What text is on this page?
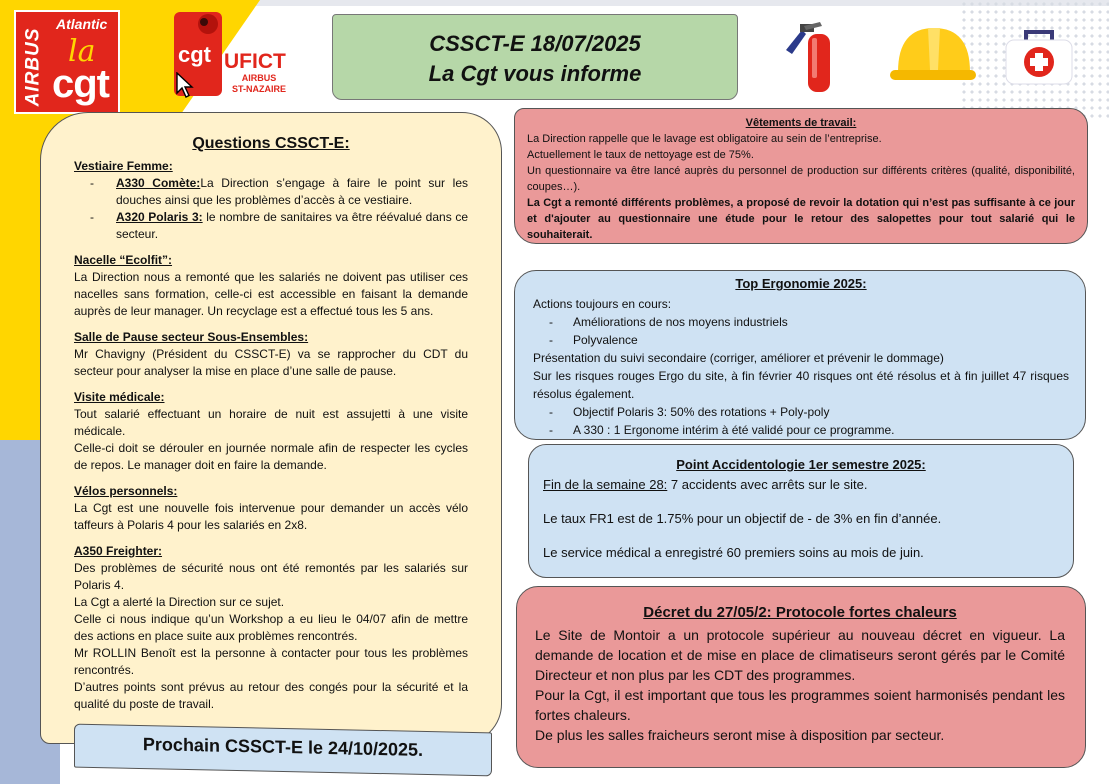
AIRBUS
Atlantic
la
cgt
cgt UFICT
AIRBUS
ST-NAZAIRE
CSSCT-E 18/07/2025
La Cgt vous informe
Questions CSSCT-E:
Vestiaire Femme:
-	A330 Comète:La Direction s’engage à faire le point sur les douches ainsi que les problèmes d’accès à ce vestiaire.
-	A320 Polaris 3: le nombre de sanitaires va être réévalué dans ce secteur.
Nacelle “Ecolfit”:
La Direction nous a remonté que les salariés ne doivent pas utiliser ces nacelles sans formation, celle-ci est accessible en faisant la demande auprès de leur manager. Un recyclage est a effectué tous les 5 ans.
Salle de Pause secteur Sous-Ensembles:
Mr Chavigny (Président du CSSCT-E) va se rapprocher du CDT du secteur pour analyser la mise en place d’une salle de pause.
Visite médicale:
Tout salarié effectuant un horaire de nuit est assujetti à une visite médicale.
Celle-ci doit se dérouler en journée normale afin de respecter les cycles de repos. Le manager doit en faire la demande.
Vélos personnels:
La Cgt est une nouvelle fois intervenue pour demander un accès vélo taffeurs à Polaris 4 pour les salariés en 2x8.
A350 Freighter:
Des problèmes de sécurité nous ont été remontés par les salariés sur Polaris 4.
La Cgt a alerté la Direction sur ce sujet.
Celle ci nous indique qu’un Workshop a eu lieu le 04/07 afin de mettre des actions en place suite aux problèmes rencontrés.
Mr ROLLIN Benoît est la personne à contacter pour tous les problèmes rencontrés.
D’autres points sont prévus au retour des congés pour la sécurité et la qualité du poste de travail.
Prochain CSSCT-E le 24/10/2025.
Vêtements de travail:
La Direction rappelle que le lavage est obligatoire au sein de l’entreprise.
Actuellement le taux de nettoyage est de 75%.
Un questionnaire va être lancé auprès du personnel de production sur différents critères (qualité, disponibilité, coupes…).
La Cgt a remonté différents problèmes, a proposé de revoir la dotation qui n’est pas suffisante à ce jour et d'ajouter au questionnaire une étude pour le retour des salopettes pour tout salarié qui le souhaiterait.
Top Ergonomie 2025:
Actions toujours en cours:
-	Améliorations de nos moyens industriels
-	Polyvalence
Présentation du suivi secondaire (corriger, améliorer et prévenir le dommage)
Sur les risques rouges Ergo du site, à fin février 40 risques ont été résolus et à fin juillet 47 risques résolus également.
-	Objectif Polaris 3: 50% des rotations + Poly-poly
-	A 330 : 1 Ergonome intérim à été validé pour ce programme.
Point Accidentologie 1er semestre 2025:

Fin de la semaine 28: 7 accidents avec arrêts sur le site.

Le taux FR1 est de 1.75% pour un objectif de - de 3% en fin d’année.

Le service médical a enregistré 60 premiers soins au mois de juin.

Décret du 27/05/2: Protocole fortes chaleurs
Le Site de Montoir a un protocole supérieur au nouveau décret en vigueur. La demande de location et de mise en place de climatiseurs seront gérés par le Comité Directeur et non plus par les CDT des programmes.
Pour la Cgt, il est important que tous les programmes soient harmonisés pendant les fortes chaleurs.
De plus les salles fraicheurs seront mise à disposition par secteur.
